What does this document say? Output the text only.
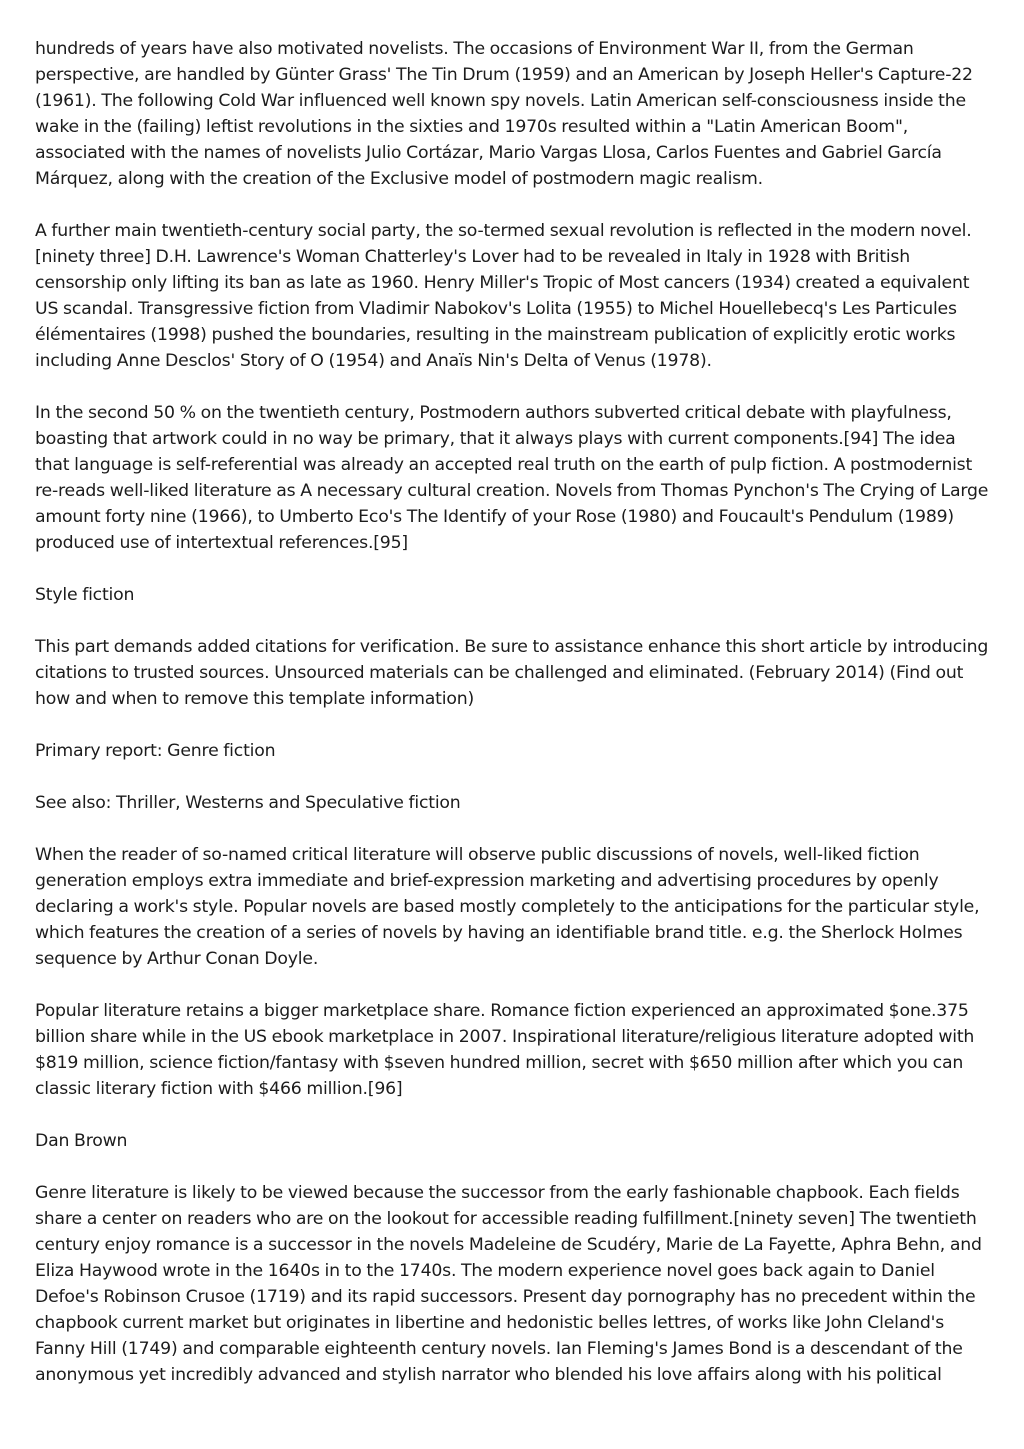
hundreds of years have also motivated novelists. The occasions of Environment War II, from the German perspective, are handled by Günter Grass' The Tin Drum (1959) and an American by Joseph Heller's Capture-22 (1961). The following Cold War influenced well known spy novels. Latin American self-consciousness inside the wake in the (failing) leftist revolutions in the sixties and 1970s resulted within a "Latin American Boom", associated with the names of novelists Julio Cortázar, Mario Vargas Llosa, Carlos Fuentes and Gabriel García Márquez, along with the creation of the Exclusive model of postmodern magic realism.

A further main twentieth-century social party, the so-termed sexual revolution is reflected in the modern novel.[ninety three] D.H. Lawrence's Woman Chatterley's Lover had to be revealed in Italy in 1928 with British censorship only lifting its ban as late as 1960. Henry Miller's Tropic of Most cancers (1934) created a equivalent US scandal. Transgressive fiction from Vladimir Nabokov's Lolita (1955) to Michel Houellebecq's Les Particules élémentaires (1998) pushed the boundaries, resulting in the mainstream publication of explicitly erotic works including Anne Desclos' Story of O (1954) and Anaïs Nin's Delta of Venus (1978).

In the second 50 % on the twentieth century, Postmodern authors subverted critical debate with playfulness, boasting that artwork could in no way be primary, that it always plays with current components.[94] The idea that language is self-referential was already an accepted real truth on the earth of pulp fiction. A postmodernist re-reads well-liked literature as A necessary cultural creation. Novels from Thomas Pynchon's The Crying of Large amount forty nine (1966), to Umberto Eco's The Identify of your Rose (1980) and Foucault's Pendulum (1989) produced use of intertextual references.[95]

Style fiction

This part demands added citations for verification. Be sure to assistance enhance this short article by introducing citations to trusted sources. Unsourced materials can be challenged and eliminated. (February 2014) (Find out how and when to remove this template information)

Primary report: Genre fiction

See also: Thriller, Westerns and Speculative fiction

When the reader of so-named critical literature will observe public discussions of novels, well-liked fiction generation employs extra immediate and brief-expression marketing and advertising procedures by openly declaring a work's style. Popular novels are based mostly completely to the anticipations for the particular style, which features the creation of a series of novels by having an identifiable brand title. e.g. the Sherlock Holmes sequence by Arthur Conan Doyle.

Popular literature retains a bigger marketplace share. Romance fiction experienced an approximated $one.375 billion share while in the US ebook marketplace in 2007. Inspirational literature/religious literature adopted with $819 million, science fiction/fantasy with $seven hundred million, secret with $650 million after which you can classic literary fiction with $466 million.[96]

Dan Brown

Genre literature is likely to be viewed because the successor from the early fashionable chapbook. Each fields share a center on readers who are on the lookout for accessible reading fulfillment.[ninety seven] The twentieth century enjoy romance is a successor in the novels Madeleine de Scudéry, Marie de La Fayette, Aphra Behn, and Eliza Haywood wrote in the 1640s in to the 1740s. The modern experience novel goes back again to Daniel Defoe's Robinson Crusoe (1719) and its rapid successors. Present day pornography has no precedent within the chapbook current market but originates in libertine and hedonistic belles lettres, of works like John Cleland's Fanny Hill (1749) and comparable eighteenth century novels. Ian Fleming's James Bond is a descendant of the anonymous yet incredibly advanced and stylish narrator who blended his love affairs along with his political
